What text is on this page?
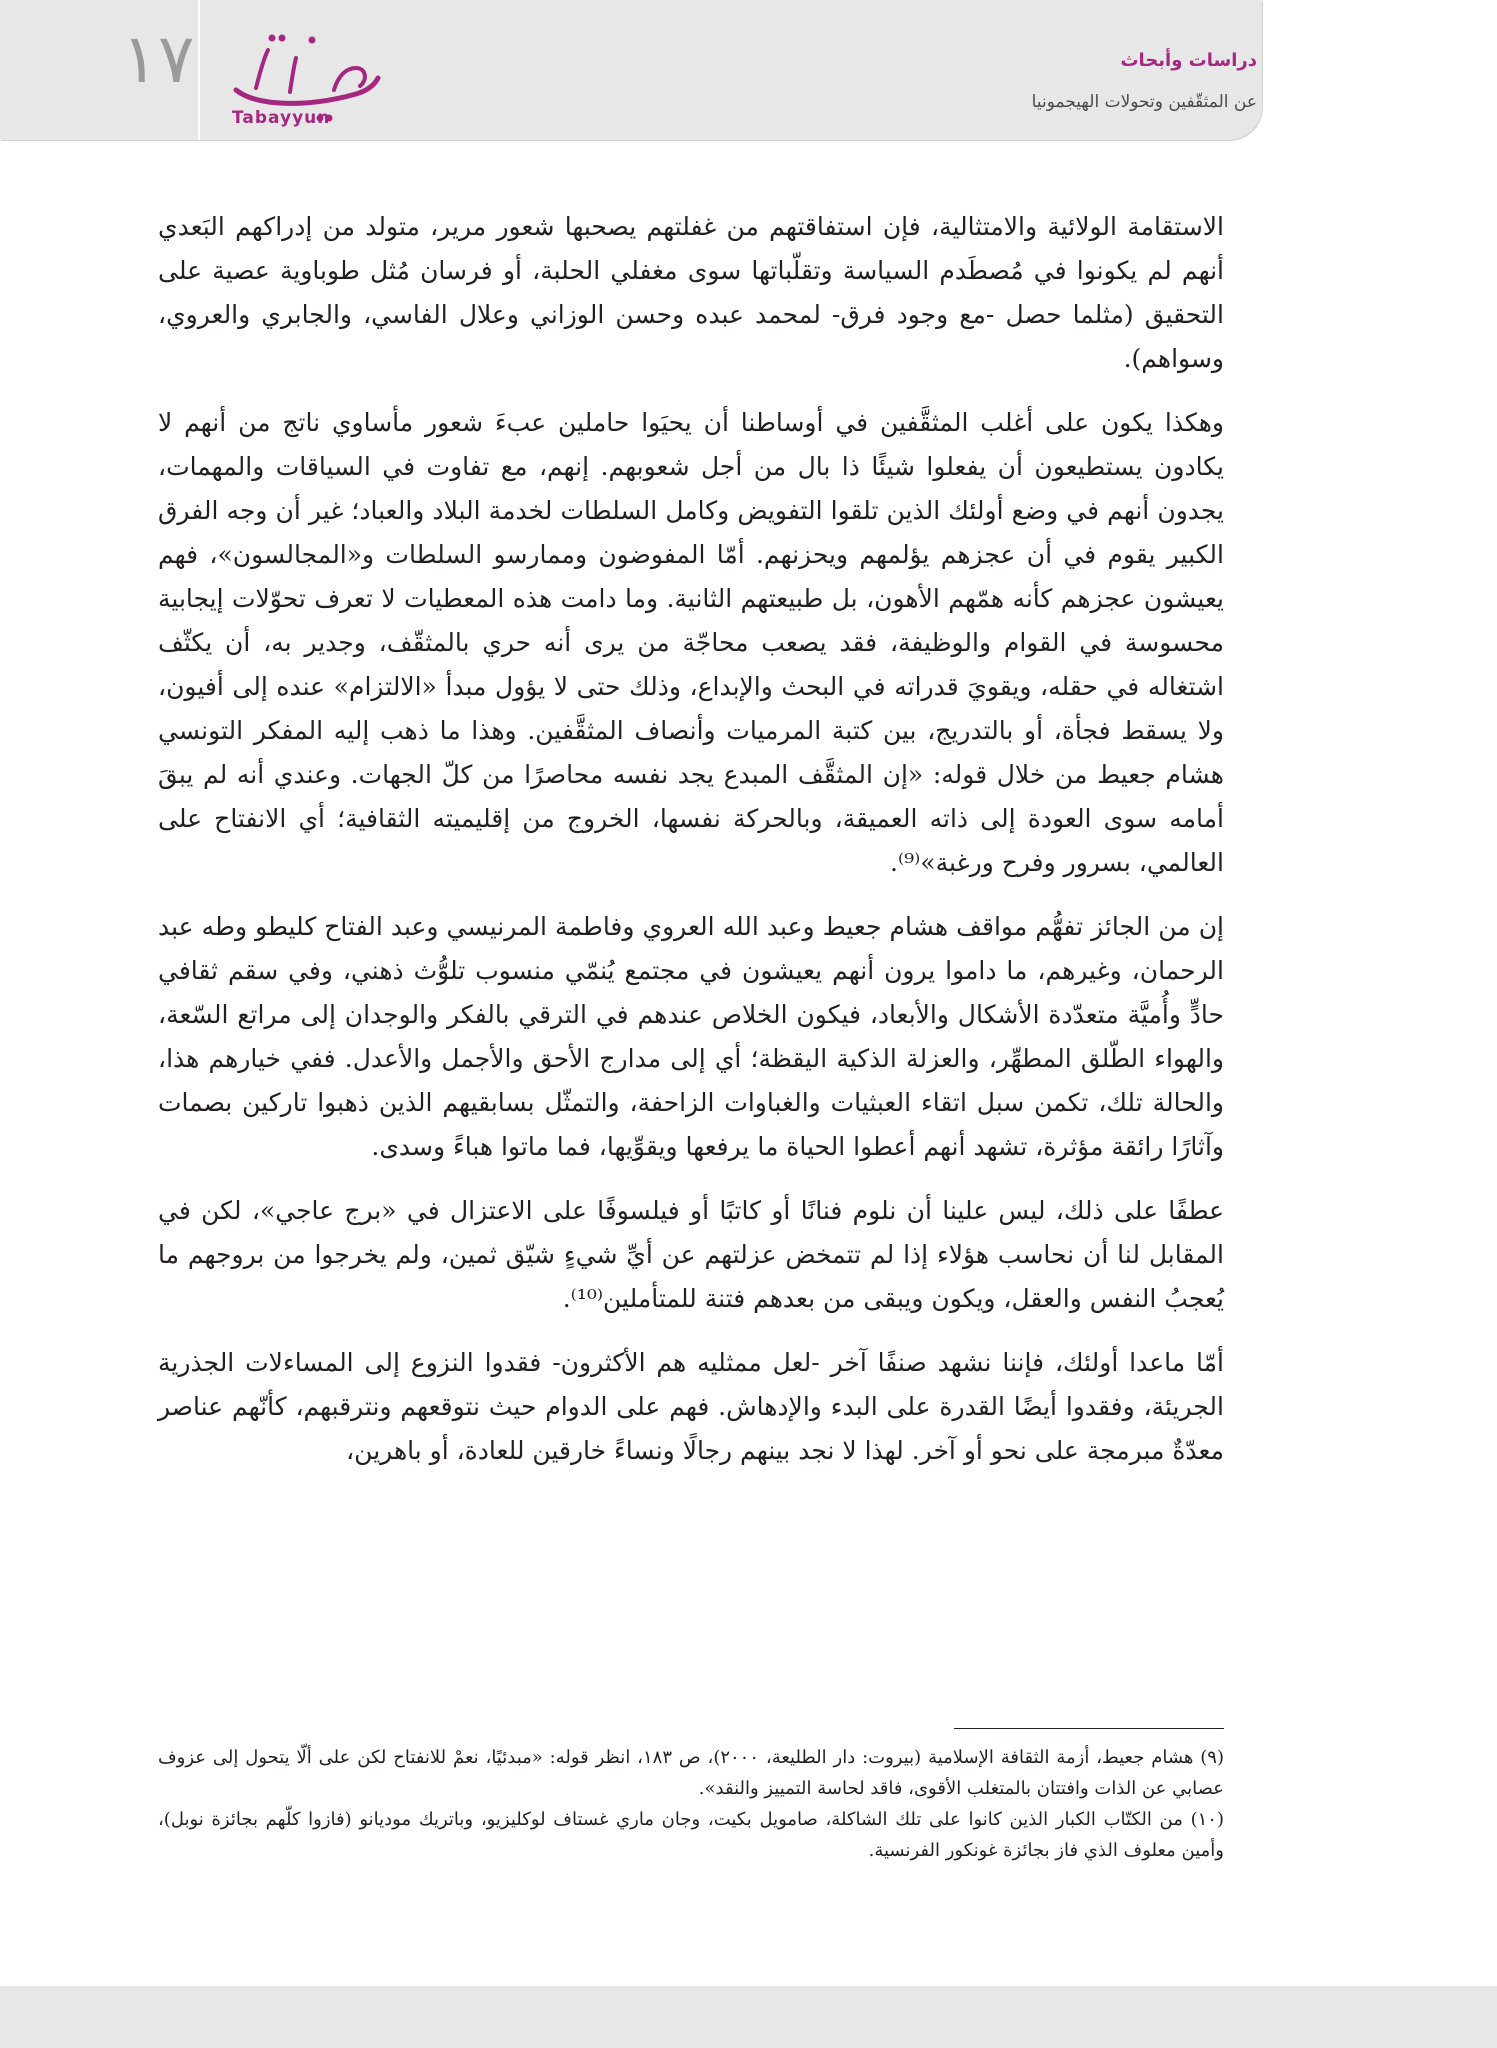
١٧
Tabayyun
دراسات وأبحاث
عن المثقّفين وتحولات الهيجمونيا

الاستقامة الولائية والامتثالية، فإن استفاقتهم من غفلتهم يصحبها شعور مرير، متولد من إدراكهم البَعدي أنهم لم يكونوا في مُصطَدم السياسة وتقلّباتها سوى مغفلي الحلبة، أو فرسان مُثل طوباوية عصية على التحقيق (مثلما حصل -مع وجود فرق- لمحمد عبده وحسن الوزاني وعلال الفاسي، والجابري والعروي، وسواهم).

وهكذا يكون على أغلب المثقَّفين في أوساطنا أن يحيَوا حاملين عبءَ شعور مأساوي ناتج من أنهم لا يكادون يستطيعون أن يفعلوا شيئًا ذا بال من أجل شعوبهم. إنهم، مع تفاوت في السياقات والمهمات، يجدون أنهم في وضع أولئك الذين تلقوا التفويض وكامل السلطات لخدمة البلاد والعباد؛ غير أن وجه الفرق الكبير يقوم في أن عجزهم يؤلمهم ويحزنهم. أمّا المفوضون وممارسو السلطات و«المجالسون»، فهم يعيشون عجزهم كأنه همّهم الأهون، بل طبيعتهم الثانية. وما دامت هذه المعطيات لا تعرف تحوّلات إيجابية محسوسة في القوام والوظيفة، فقد يصعب محاجّة من يرى أنه حري بالمثقّف، وجدير به، أن يكثّف اشتغاله في حقله، ويقويَ قدراته في البحث والإبداع، وذلك حتى لا يؤول مبدأ «الالتزام» عنده إلى أفيون، ولا يسقط فجأة، أو بالتدريج، بين كتبة المرميات وأنصاف المثقَّفين. وهذا ما ذهب إليه المفكر التونسي هشام جعيط من خلال قوله: «إن المثقَّف المبدع يجد نفسه محاصرًا من كلّ الجهات. وعندي أنه لم يبقَ أمامه سوى العودة إلى ذاته العميقة، وبالحركة نفسها، الخروج من إقليميته الثقافية؛ أي الانفتاح على العالمي، بسرور وفرح ورغبة»⁽⁹⁾.

إن من الجائز تفهُّم مواقف هشام جعيط وعبد الله العروي وفاطمة المرنيسي وعبد الفتاح كليطو وطه عبد الرحمان، وغيرهم، ما داموا يرون أنهم يعيشون في مجتمع يُنمّي منسوب تلوُّث ذهني، وفي سقم ثقافي حادٍّ وأُميَّة متعدّدة الأشكال والأبعاد، فيكون الخلاص عندهم في الترقي بالفكر والوجدان إلى مراتع السّعة، والهواء الطّلق المطهِّر، والعزلة الذكية اليقظة؛ أي إلى مدارج الأحق والأجمل والأعدل. ففي خيارهم هذا، والحالة تلك، تكمن سبل اتقاء العبثيات والغباوات الزاحفة، والتمثّل بسابقيهم الذين ذهبوا تاركين بصمات وآثارًا رائقة مؤثرة، تشهد أنهم أعطوا الحياة ما يرفعها ويقوِّيها، فما ماتوا هباءً وسدى.

عطفًا على ذلك، ليس علينا أن نلوم فنانًا أو كاتبًا أو فيلسوفًا على الاعتزال في «برج عاجي»، لكن في المقابل لنا أن نحاسب هؤلاء إذا لم تتمخض عزلتهم عن أيِّ شيءٍ شيّق ثمين، ولم يخرجوا من بروجهم ما يُعجبُ النفس والعقل، ويكون ويبقى من بعدهم فتنة للمتأملين⁽¹⁰⁾.

أمّا ماعدا أولئك، فإننا نشهد صنفًا آخر -لعل ممثليه هم الأكثرون- فقدوا النزوع إلى المساءلات الجذرية الجريئة، وفقدوا أيضًا القدرة على البدء والإدهاش. فهم على الدوام حيث نتوقعهم ونترقبهم، كأنّهم عناصر معدّةٌ مبرمجة على نحو أو آخر. لهذا لا نجد بينهم رجالًا ونساءً خارقين للعادة، أو باهرين،

(٩) هشام جعيط، أزمة الثقافة الإسلامية (بيروت: دار الطليعة، ٢٠٠٠)، ص ١٨٣، انظر قوله: «مبدئيًا، نعمْ للانفتاح لكن على ألّا يتحول إلى عزوف عصابي عن الذات وافتتان بالمتغلب الأقوى، فاقد لحاسة التمييز والنقد».

(١٠) من الكتّاب الكبار الذين كانوا على تلك الشاكلة، صامويل بكيت، وجان ماري غستاف لوكليزيو، وباتريك موديانو (فازوا كلّهم بجائزة نوبل)، وأمين معلوف الذي فاز بجائزة غونكور الفرنسية.
